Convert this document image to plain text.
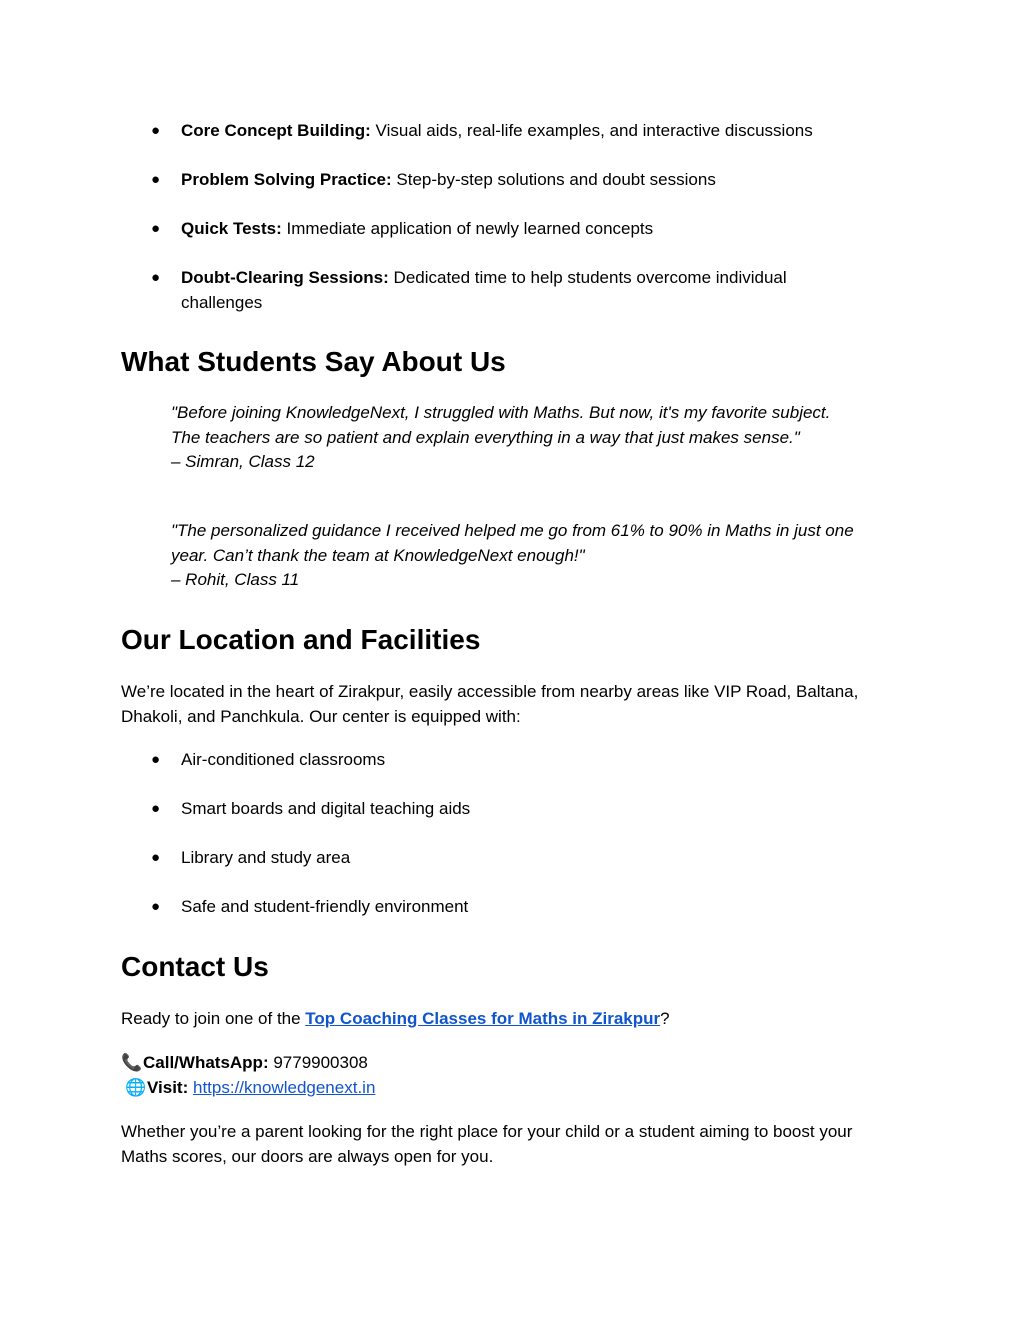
● Core Concept Building: Visual aids, real-life examples, and interactive discussions
● Problem Solving Practice: Step-by-step solutions and doubt sessions
● Quick Tests: Immediate application of newly learned concepts
● Doubt-Clearing Sessions: Dedicated time to help students overcome individual challenges
What Students Say About Us
"Before joining KnowledgeNext, I struggled with Maths. But now, it's my favorite subject. The teachers are so patient and explain everything in a way that just makes sense."
– Simran, Class 12
"The personalized guidance I received helped me go from 61% to 90% in Maths in just one year. Can’t thank the team at KnowledgeNext enough!"
– Rohit, Class 11
Our Location and Facilities
We’re located in the heart of Zirakpur, easily accessible from nearby areas like VIP Road, Baltana, Dhakoli, and Panchkula. Our center is equipped with:
● Air-conditioned classrooms
● Smart boards and digital teaching aids
● Library and study area
● Safe and student-friendly environment
Contact Us
Ready to join one of the Top Coaching Classes for Maths in Zirakpur?
📞Call/WhatsApp: 9779900308
🌐Visit: https://knowledgenext.in
Whether you’re a parent looking for the right place for your child or a student aiming to boost your Maths scores, our doors are always open for you.
